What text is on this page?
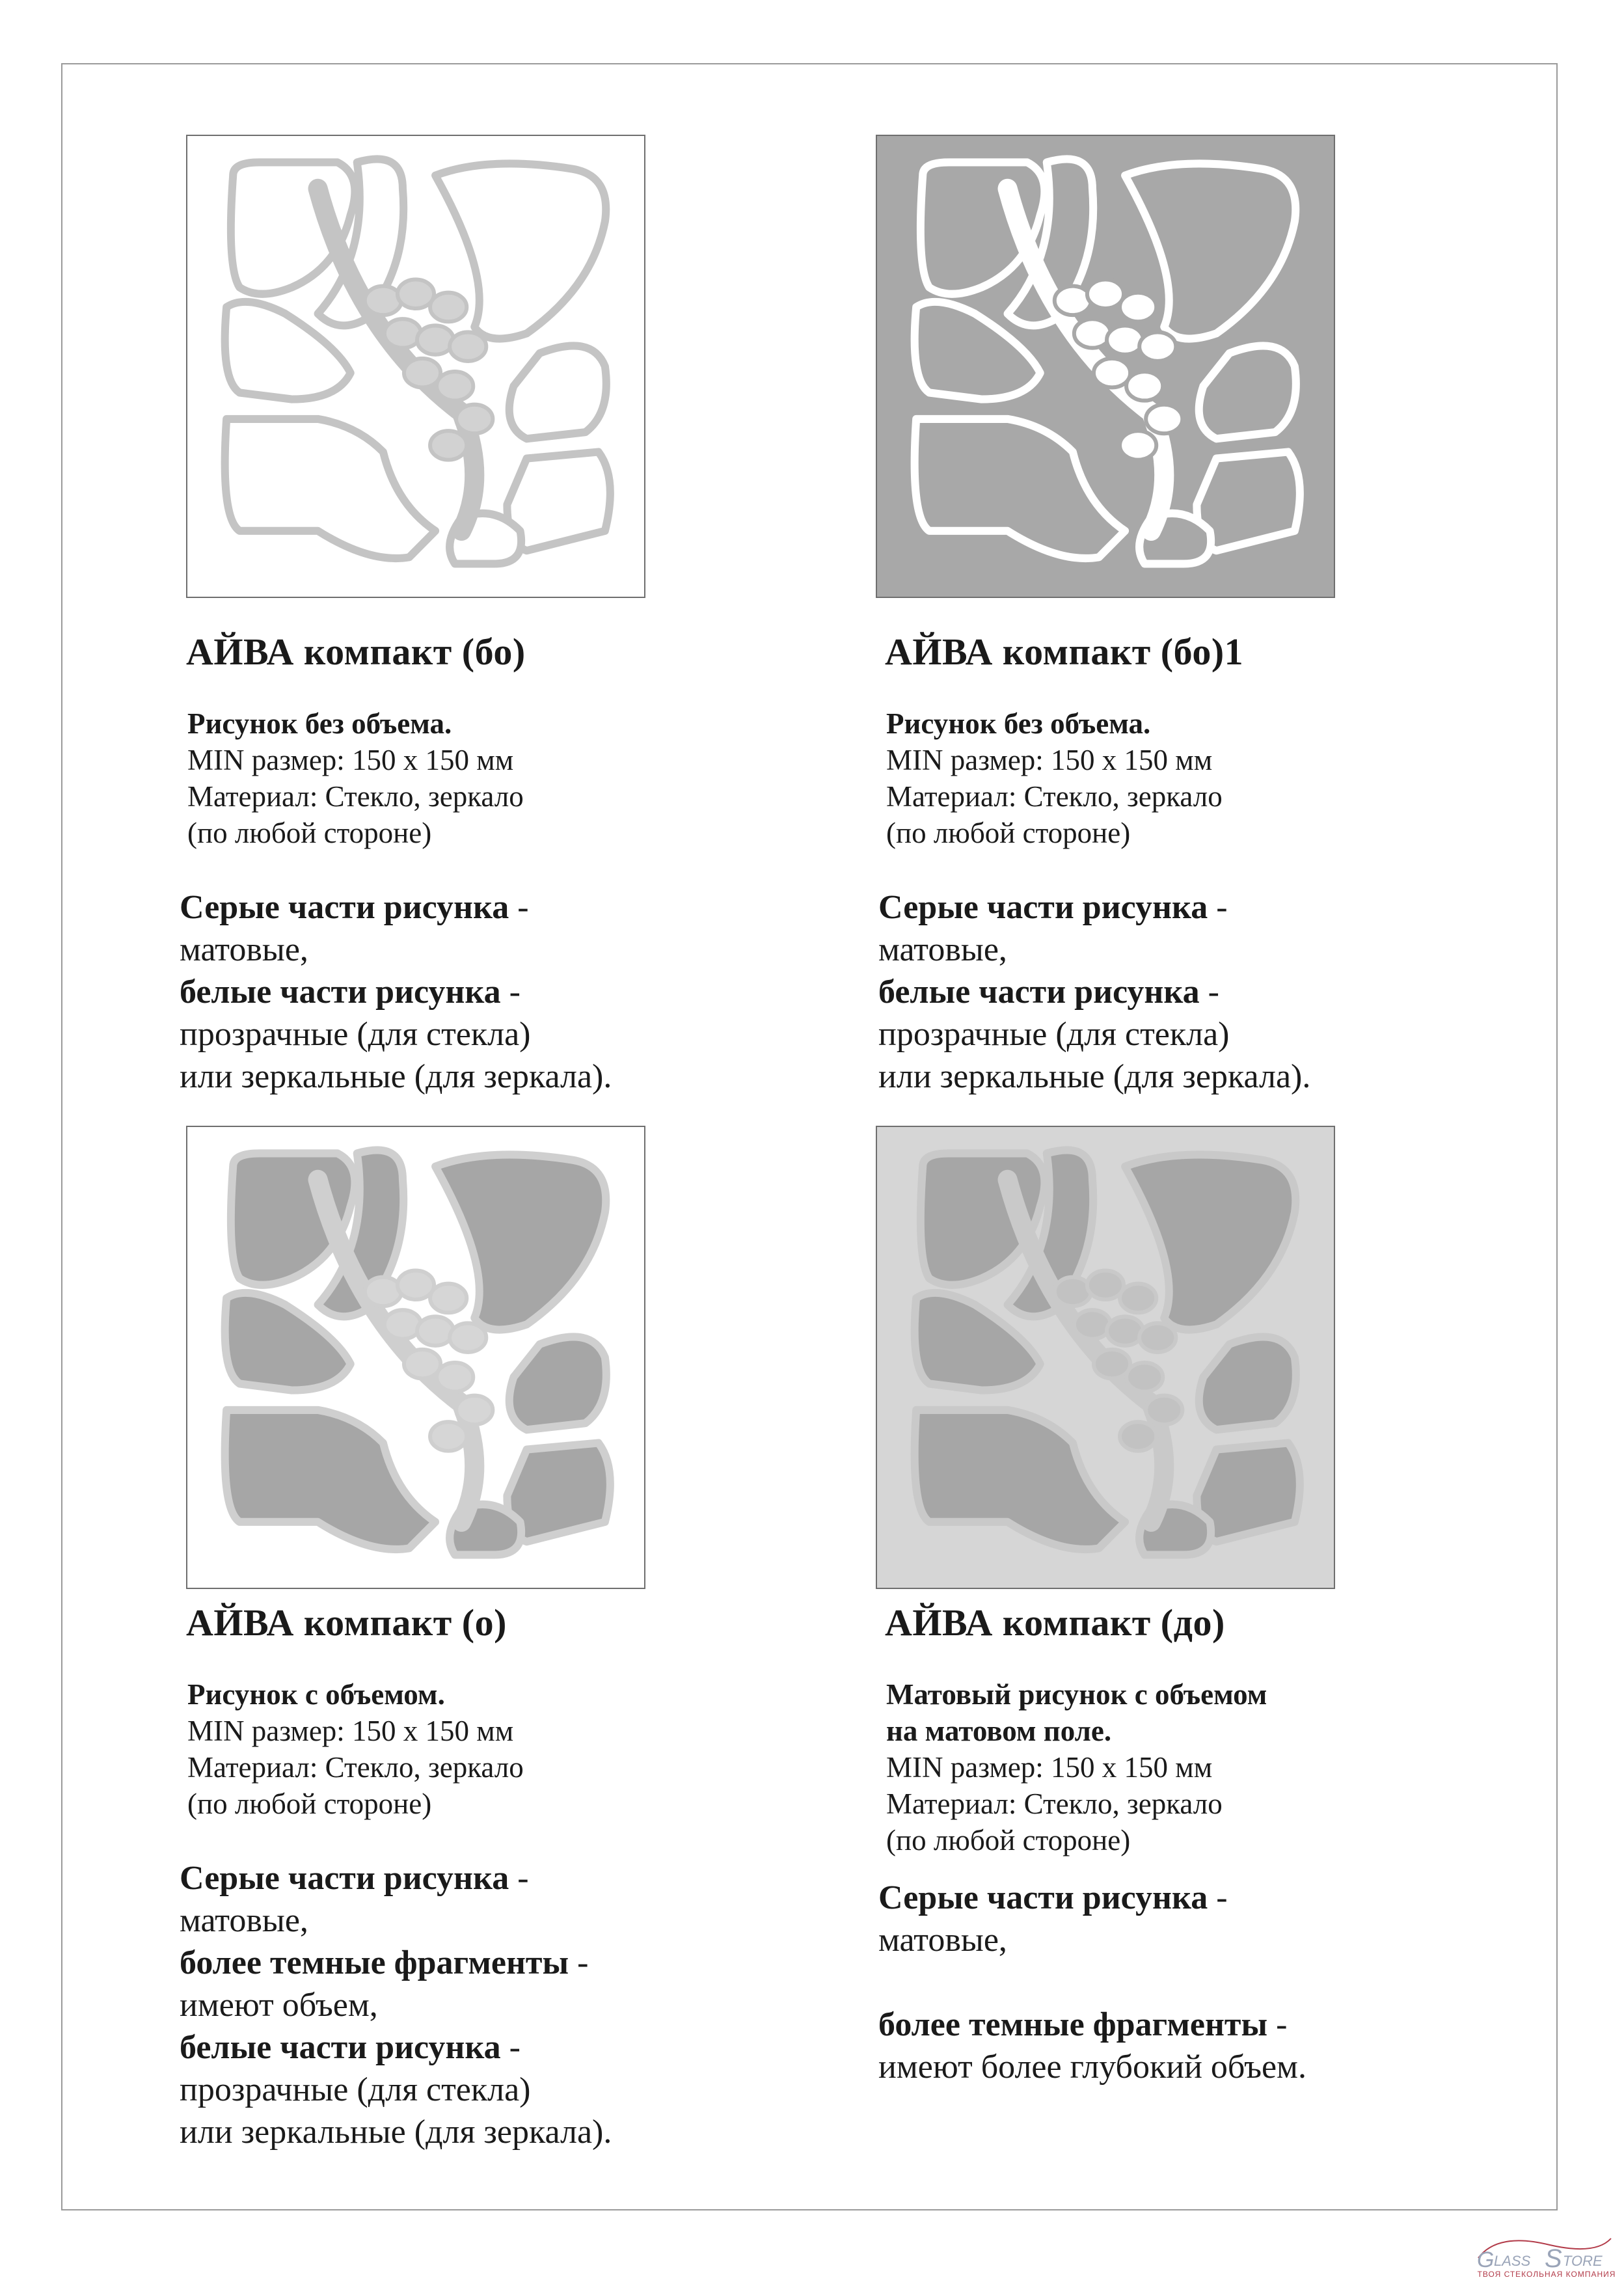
АЙВА компакт (бо)
Рисунок без объема.
MIN размер: 150 х 150 мм
Материал: Стекло, зеркало
(по любой стороне)
Серые части рисунка -
матовые,
белые части рисунка -
прозрачные (для стекла)
или зеркальные (для зеркала).
АЙВА компакт (бо)1
Рисунок без объема.
MIN размер: 150 х 150 мм
Материал: Стекло, зеркало
(по любой стороне)
Серые части рисунка -
матовые,
белые части рисунка -
прозрачные (для стекла)
или зеркальные (для зеркала).
АЙВА компакт (о)
Рисунок с объемом.
MIN размер: 150 х 150 мм
Материал: Стекло, зеркало
(по любой стороне)
Серые части рисунка -
матовые,
более темные фрагменты -
имеют объем,
белые части рисунка -
прозрачные (для стекла)
или зеркальные (для зеркала).
АЙВА компакт (до)
Матовый рисунок с объемом
на матовом поле.
MIN размер: 150 х 150 мм
Материал: Стекло, зеркало
(по любой стороне)
Серые части рисунка -
матовые,
более темные фрагменты -
имеют более глубокий объем.
G LASS S TORE
ТВОЯ СТЕКОЛЬНАЯ КОМПАНИЯ
